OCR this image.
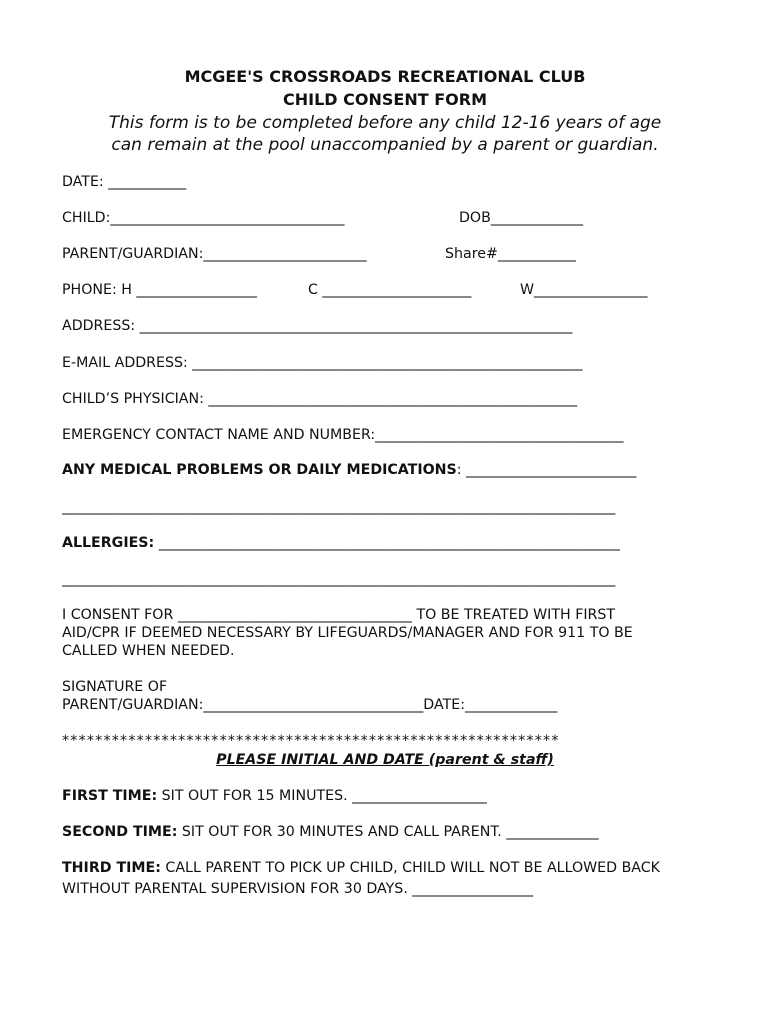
MCGEE'S CROSSROADS RECREATIONAL CLUB
CHILD CONSENT FORM
This form is to be completed before any child 12-16 years of age
can remain at the pool unaccompanied by a parent or guardian.
DATE: ___________
CHILD:_________________________________	DOB_____________
PARENT/GUARDIAN:_______________________	Share#___________
PHONE: H _________________	C _____________________	W________________
ADDRESS: _____________________________________________________________
E-MAIL ADDRESS: _______________________________________________________
CHILD’S PHYSICIAN: ____________________________________________________
EMERGENCY CONTACT NAME AND NUMBER:___________________________________
ANY MEDICAL PROBLEMS OR DAILY MEDICATIONS: ________________________
______________________________________________________________________________
ALLERGIES: _________________________________________________________________
______________________________________________________________________________
I CONSENT FOR _________________________________ TO BE TREATED WITH FIRST
AID/CPR IF DEEMED NECESSARY BY LIFEGUARDS/MANAGER AND FOR 911 TO BE
CALLED WHEN NEEDED.
SIGNATURE OF
PARENT/GUARDIAN:_______________________________DATE:_____________
************************************************************
PLEASE INITIAL AND DATE (parent & staff)
FIRST TIME: SIT OUT FOR 15 MINUTES. ___________________
SECOND TIME: SIT OUT FOR 30 MINUTES AND CALL PARENT. _____________
THIRD TIME: CALL PARENT TO PICK UP CHILD, CHILD WILL NOT BE ALLOWED BACK
WITHOUT PARENTAL SUPERVISION FOR 30 DAYS. _________________
